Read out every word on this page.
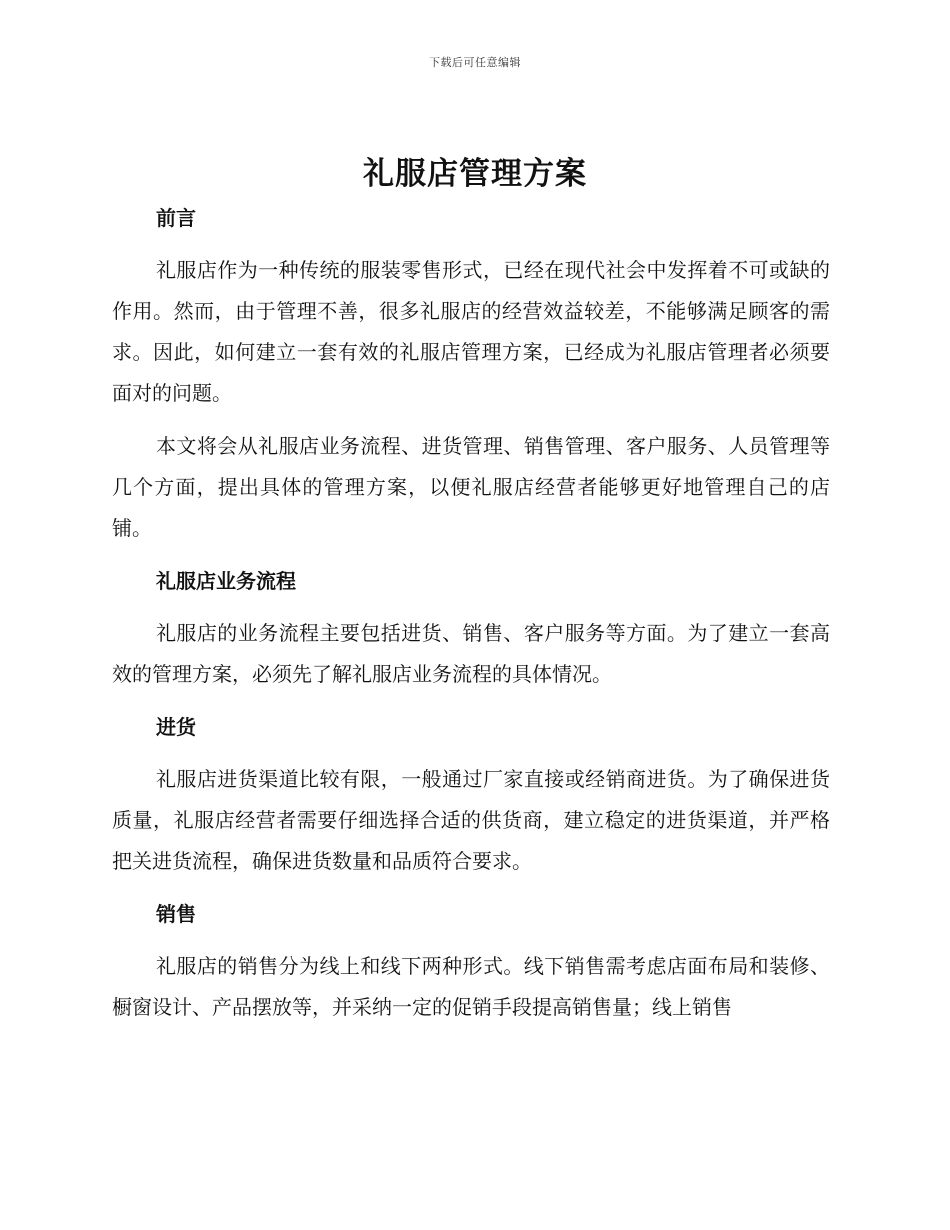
下载后可任意编辑
礼服店管理方案
前言

礼服店作为一种传统的服装零售形式，已经在现代社会中发挥着不可或缺的作用。然而，由于管理不善，很多礼服店的经营效益较差，不能够满足顾客的需求。因此，如何建立一套有效的礼服店管理方案，已经成为礼服店管理者必须要面对的问题。

本文将会从礼服店业务流程、进货管理、销售管理、客户服务、人员管理等几个方面，提出具体的管理方案，以便礼服店经营者能够更好地管理自己的店铺。

礼服店业务流程

礼服店的业务流程主要包括进货、销售、客户服务等方面。为了建立一套高效的管理方案，必须先了解礼服店业务流程的具体情况。

进货

礼服店进货渠道比较有限，一般通过厂家直接或经销商进货。为了确保进货质量，礼服店经营者需要仔细选择合适的供货商，建立稳定的进货渠道，并严格把关进货流程，确保进货数量和品质符合要求。

销售

礼服店的销售分为线上和线下两种形式。线下销售需考虑店面布局和装修、橱窗设计、产品摆放等，并采纳一定的促销手段提高销售量；线上销售
